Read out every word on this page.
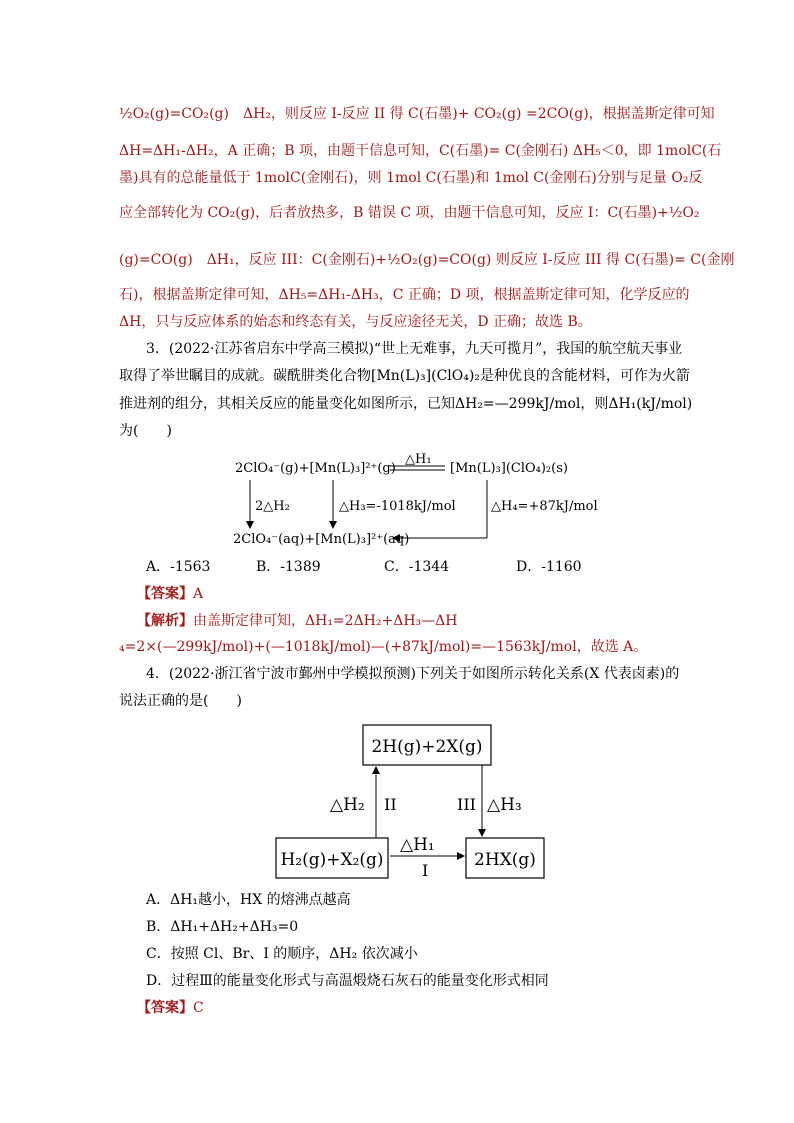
½O₂(g)=CO₂(g)　ΔH₂，则反应 I-反应 II 得 C(石墨)+ CO₂(g) =2CO(g)，根据盖斯定律可知
ΔH=ΔH₁-ΔH₂，A 正确；B 项，由题干信息可知，C(石墨)= C(金刚石) ΔH₅＜0，即 1molC(石
墨)具有的总能量低于 1molC(金刚石)，则 1mol C(石墨)和 1mol C(金刚石)分别与足量 O₂反
应全部转化为 CO₂(g)，后者放热多，B 错误 C 项，由题干信息可知，反应 I：C(石墨)+½O₂
(g)=CO(g)　ΔH₁，反应 III：C(金刚石)+½O₂(g)=CO(g) 则反应 I-反应 III 得 C(石墨)= C(金刚
石)，根据盖斯定律可知，ΔH₅=ΔH₁-ΔH₃，C 正确；D 项，根据盖斯定律可知，化学反应的
ΔH，只与反应体系的始态和终态有关，与反应途径无关，D 正确；故选 B。
3．(2022·江苏省启东中学高三模拟)“世上无难事，九天可揽月”，我国的航空航天事业
取得了举世瞩目的成就。碳酰肼类化合物[Mn(L)₃](ClO₄)₂是种优良的含能材料，可作为火箭
推进剂的组分，其相关反应的能量变化如图所示，已知ΔH₂=—299kJ/mol，则ΔH₁(kJ/mol)
为(　　)
2ClO₄⁻(g)+[Mn(L)₃]²⁺(g)
△H₁
[Mn(L)₃](ClO₄)₂(s)
2△H₂	△H₃=-1018kJ/mol	△H₄=+87kJ/mol
2ClO₄⁻(aq)+[Mn(L)₃]²⁺(aq)
A．-1563	B．-1389	C．-1344	D．-1160
【答案】A
【解析】由盖斯定律可知，ΔH₁=2ΔH₂+ΔH₃—ΔH
₄=2×(—299kJ/mol)+(—1018kJ/mol)—(+87kJ/mol)=—1563kJ/mol，故选 A。
4．(2022·浙江省宁波市鄞州中学模拟预测)下列关于如图所示转化关系(X 代表卤素)的
说法正确的是(　　)
2H(g)+2X(g)
H₂(g)+X₂(g)	2HX(g)
△H₂ II	III △H₃
△H₁
I
A．ΔH₁越小，HX 的熔沸点越高
B．ΔH₁+ΔH₂+ΔH₃=0
C．按照 Cl、Br、I 的顺序，ΔH₂ 依次减小
D．过程Ⅲ的能量变化形式与高温煅烧石灰石的能量变化形式相同
【答案】C
